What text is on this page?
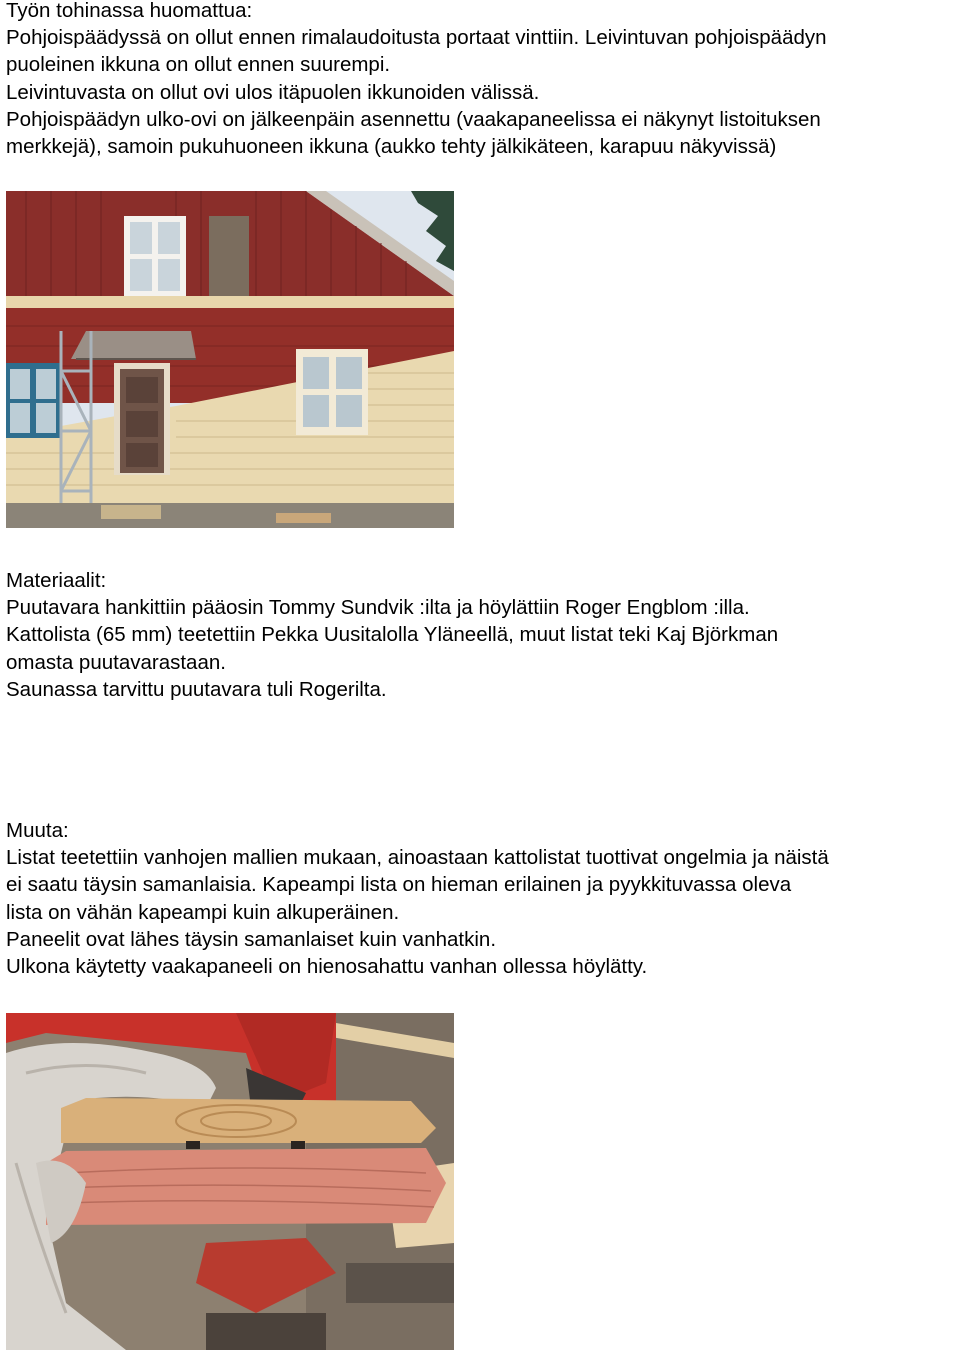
Työn tohinassa huomattua:

Pohjoispäädyssä on ollut ennen rimalaudoitusta portaat vinttiin. Leivintuvan pohjoispäädyn

puoleinen ikkuna on ollut ennen suurempi.

Leivintuvasta on ollut ovi ulos itäpuolen ikkunoiden välissä.

Pohjoispäädyn ulko-ovi on jälkeenpäin asennettu (vaakapaneelissa ei näkynyt listoituksen

merkkejä), samoin pukuhuoneen ikkuna (aukko tehty jälkikäteen, karapuu näkyvissä)

Materiaalit:

Puutavara hankittiin pääosin Tommy Sundvik :ilta ja höylättiin Roger Engblom :illa.

Kattolista (65 mm) teetettiin Pekka Uusitalolla Yläneellä, muut listat teki Kaj Björkman

omasta puutavarastaan.

Saunassa tarvittu puutavara tuli Rogerilta.

Muuta:

Listat teetettiin vanhojen mallien mukaan, ainoastaan kattolistat tuottivat ongelmia ja näistä

ei saatu täysin samanlaisia. Kapeampi lista on hieman erilainen ja pyykkituvassa oleva

lista on vähän kapeampi kuin alkuperäinen.

Paneelit ovat lähes täysin samanlaiset kuin vanhatkin.

Ulkona käytetty vaakapaneeli on hienosahattu vanhan ollessa höylätty.
